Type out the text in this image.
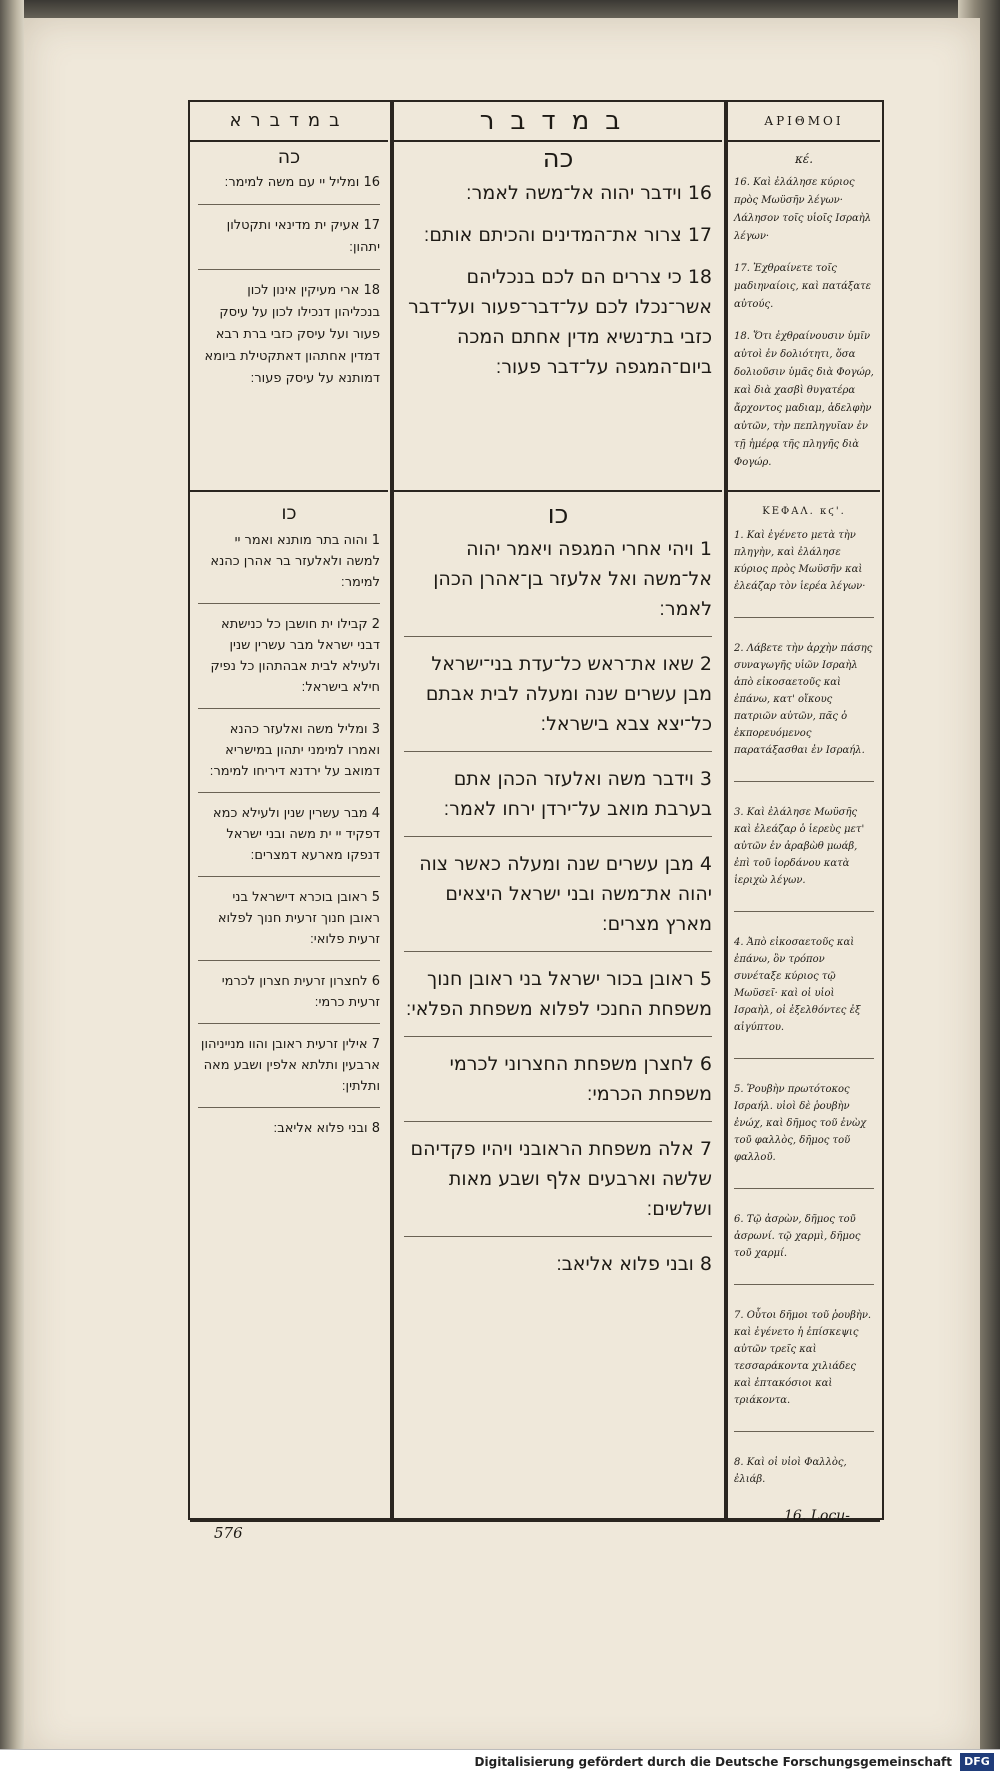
במדברא
כה

16 ומליל יי עם משה למימר׃

17 אעיק ית מדינאי ותקטלון יתהון׃

18 ארי מעיקין אינון לכון בנכליהון דנכילו לכון על עיסק פעור ועל עיסק כזבי ברת רבא דמדין אחתהון דאתקטילת ביומא דמותנא על עיסק פעור׃

כו

1 והוה בתר מותנא ואמר יי למשה ולאלעזר בר אהרן כהנא למימר׃

2 קבילו ית חושבן כל כנישתא דבני ישראל מבר עשרין שנין ולעילא לבית אבהתהון כל נפיק חילא בישראל׃

3 ומליל משה ואלעזר כהנא ואמרו למימני יתהון במישריא דמואב על ירדנא דיריחו למימר׃

4 מבר עשרין שנין ולעילא כמא דפקיד יי ית משה ובני ישראל דנפקו מארעא דמצרים׃

5 ראובן בוכרא דישראל בני ראובן חנוך זרעית חנוך לפלוא זרעית פלואי׃

6 לחצרון זרעית חצרון לכרמי זרעית כרמי׃

7 אילין זרעית ראובן והוו מנייניהון ארבעין ותלתא אלפין ושבע מאה ותלתין׃

8 ובני פלוא אליאב׃

במדבר
כה

16 וידבר יהוה אל־משה לאמר׃

17 צרור את־המדינים והכיתם אותם׃

18 כי צררים הם לכם בנכליהם אשר־נכלו לכם על־דבר־פעור ועל־דבר כזבי בת־נשיא מדין אחתם המכה ביום־המגפה על־דבר פעור׃

כו

1 ויהי אחרי המגפה ויאמר יהוה אל־משה ואל אלעזר בן־אהרן הכהן לאמר׃

2 שאו את־ראש כל־עדת בני־ישראל מבן עשרים שנה ומעלה לבית אבתם כל־יצא צבא בישראל׃

3 וידבר משה ואלעזר הכהן אתם בערבת מואב על־ירדן ירחו לאמר׃

4 מבן עשרים שנה ומעלה כאשר צוה יהוה את־משה ובני ישראל היצאים מארץ מצרים׃

5 ראובן בכור ישראל בני ראובן חנוך משפחת החנכי לפלוא משפחת הפלאי׃

6 לחצרן משפחת החצרוני לכרמי משפחת הכרמי׃

7 אלה משפחת הראובני ויהיו פקדיהם שלשה וארבעים אלף ושבע מאות ושלשים׃

8 ובני פלוא אליאב׃

ΑΡΙΘΜΟΙ
κέ.

16. Καὶ ἐλάλησε κύριος πρὸς Μωϋσῆν λέγων· Λάλησον τοῖς υἱοῖς Ισραὴλ λέγων·

17. Ἐχθραίνετε τοῖς μαδιηναίοις, καὶ πατάξατε αὐτούς.

18. Ὅτι ἐχθραίνουσιν ὑμῖν αὐτοὶ ἐν δολιότητι, ὅσα δολιοῦσιν ὑμᾶς διὰ Φογώρ, καὶ διὰ χασβὶ θυγατέρα ἄρχοντος μαδιαμ, ἀδελφὴν αὐτῶν, τὴν πεπληγυῖαν ἐν τῇ ἡμέρᾳ τῆς πληγῆς διὰ Φογώρ.

ΚΕΦΑΛ. κϛ'.

1. Καὶ ἐγένετο μετὰ τὴν πληγὴν, καὶ ἐλάλησε κύριος πρὸς Μωϋσῆν καὶ ἐλεάζαρ τὸν ἱερέα λέγων·

2. Λάβετε τὴν ἀρχὴν πάσης συναγωγῆς υἱῶν Ισραὴλ ἀπὸ εἰκοσαετοῦς καὶ ἐπάνω, κατ' οἴκους πατριῶν αὐτῶν, πᾶς ὁ ἐκπορευόμενος παρατάξασθαι ἐν Ισραήλ.

3. Καὶ ἐλάλησε Μωϋσῆς καὶ ἐλεάζαρ ὁ ἱερεὺς μετ' αὐτῶν ἐν ἀραβὼθ μωάβ, ἐπὶ τοῦ ἰορδάνου κατὰ ἱεριχὼ λέγων.

4. Ἀπὸ εἰκοσαετοῦς καὶ ἐπάνω, ὃν τρόπον συνέταξε κύριος τῷ Μωϋσεῖ· καὶ οἱ υἱοὶ Ισραὴλ, οἱ ἐξελθόντες ἐξ αἰγύπτου.

5. Ῥουβὴν πρωτότοκος Ισραήλ. υἱοὶ δὲ ῥουβὴν ἐνώχ, καὶ δῆμος τοῦ ἐνὼχ τοῦ φαλλὸς, δῆμος τοῦ φαλλοῦ.

6. Τῷ ἀσρὼν, δῆμος τοῦ ἀσρωνί. τῷ χαρμὶ, δῆμος τοῦ χαρμί.

7. Οὗτοι δῆμοι τοῦ ῥουβὴν. καὶ ἐγένετο ἡ ἐπίσκεψις αὐτῶν τρεῖς καὶ τεσσαράκοντα χιλιάδες καὶ ἑπτακόσιοι καὶ τριάκοντα.

8. Καὶ οἱ υἱοὶ Φαλλὸς, ἐλιάβ.

576
16. Locu-
Digitalisierung gefördert durch die Deutsche Forschungsgemeinschaft	DFG
